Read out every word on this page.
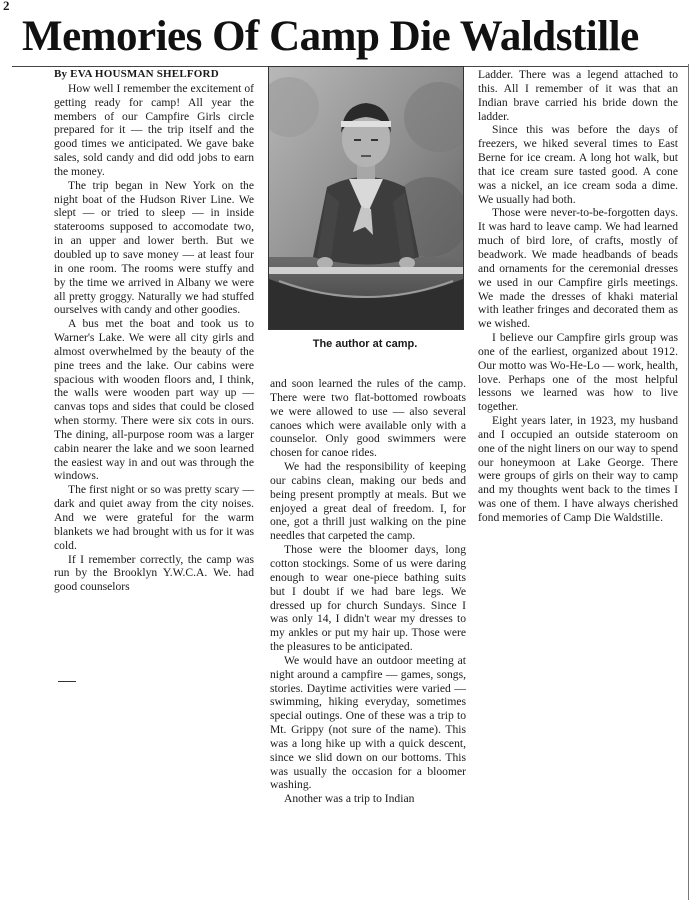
2
Memories Of Camp Die Waldstille

By EVA HOUSMAN SHELFORD

How well I remember the excitement of getting ready for camp! All year the members of our Campfire Girls circle prepared for it — the trip itself and the good times we anticipated. We gave bake sales, sold candy and did odd jobs to earn the money.

The trip began in New York on the night boat of the Hudson River Line. We slept — or tried to sleep — in inside staterooms supposed to accomodate two, in an upper and lower berth. But we doubled up to save money — at least four in one room. The rooms were stuffy and by the time we arrived in Albany we were all pretty groggy. Naturally we had stuffed ourselves with candy and other goodies.

A bus met the boat and took us to Warner's Lake. We were all city girls and almost overwhelmed by the beauty of the pine trees and the lake. Our cabins were spacious with wooden floors and, I think, the walls were wooden part way up — canvas tops and sides that could be closed when stormy. There were six cots in ours. The dining, all-purpose room was a larger cabin nearer the lake and we soon learned the easiest way in and out was through the windows.

The first night or so was pretty scary — dark and quiet away from the city noises. And we were grateful for the warm blankets we had brought with us for it was cold.

If I remember correctly, the camp was run by the Brooklyn Y.W.C.A. We. had good counselors

The author at camp.

and soon learned the rules of the camp. There were two flat-bottomed rowboats we were allowed to use — also several canoes which were available only with a counselor. Only good swimmers were chosen for canoe rides.

We had the responsibility of keeping our cabins clean, making our beds and being present promptly at meals. But we enjoyed a great deal of freedom. I, for one, got a thrill just walking on the pine needles that carpeted the camp.

Those were the bloomer days, long cotton stockings. Some of us were daring enough to wear one-piece bathing suits but I doubt if we had bare legs. We dressed up for church Sundays. Since I was only 14, I didn't wear my dresses to my ankles or put my hair up. Those were the pleasures to be anticipated.

We would have an outdoor meeting at night around a campfire — games, songs, stories. Daytime activities were varied — swimming, hiking everyday, sometimes special outings. One of these was a trip to Mt. Grippy (not sure of the name). This was a long hike up with a quick descent, since we slid down on our bottoms. This was usually the occasion for a bloomer washing.

Another was a trip to Indian

Ladder. There was a legend attached to this. All I remember of it was that an Indian brave carried his bride down the ladder.

Since this was before the days of freezers, we hiked several times to East Berne for ice cream. A long hot walk, but that ice cream sure tasted good. A cone was a nickel, an ice cream soda a dime. We usually had both.

Those were never-to-be-forgotten days. It was hard to leave camp. We had learned much of bird lore, of crafts, mostly of beadwork. We made headbands of beads and ornaments for the ceremonial dresses we used in our Campfire girls meetings. We made the dresses of khaki material with leather fringes and decorated them as we wished.

I believe our Campfire girls group was one of the earliest, organized about 1912. Our motto was Wo-He-Lo — work, health, love. Perhaps one of the most helpful lessons we learned was how to live together.

Eight years later, in 1923, my husband and I occupied an outside stateroom on one of the night liners on our way to spend our honeymoon at Lake George. There were groups of girls on their way to camp and my thoughts went back to the times I was one of them. I have always cherished fond memories of Camp Die Waldstille.
